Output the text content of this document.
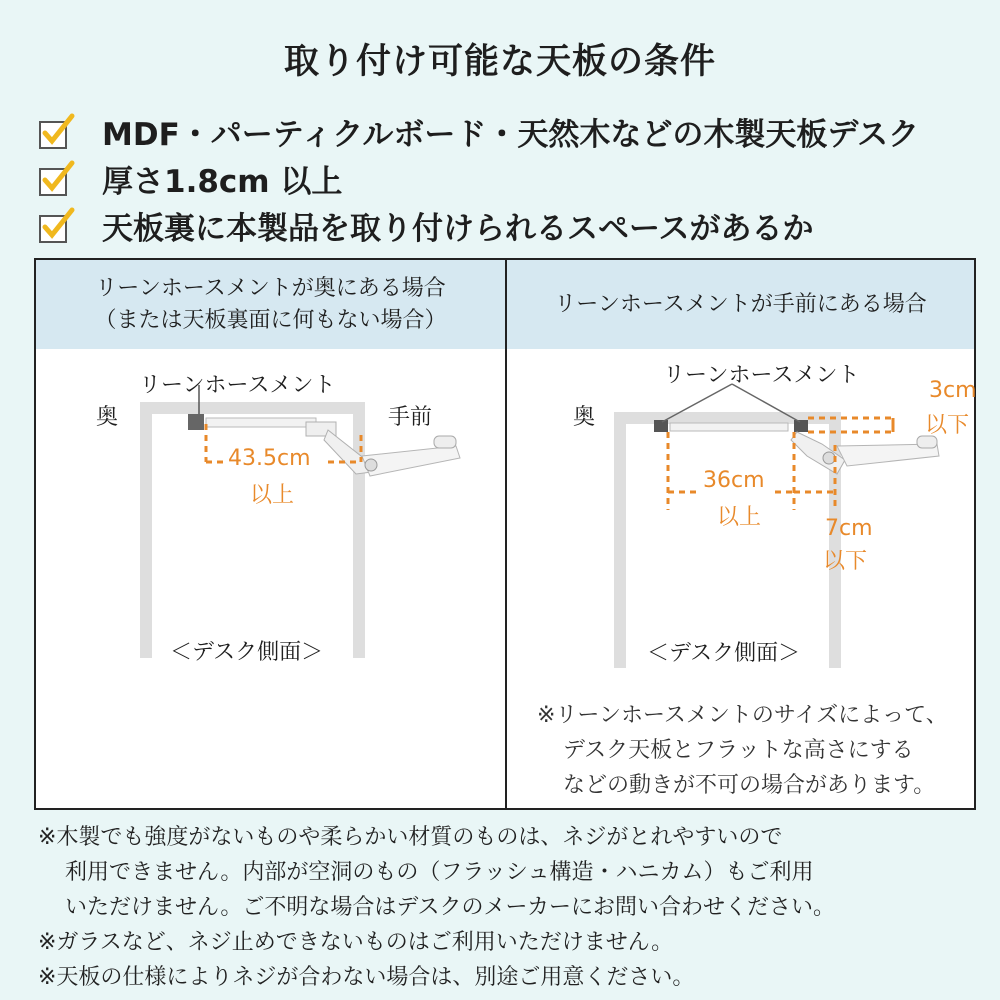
取り付け可能な天板の条件
MDF・パーティクルボード・天然木などの木製天板デスク
厚さ1.8cm 以上
天板裏に本製品を取り付けられるスペースがあるか
リーンホースメントが奥にある場合
（または天板裏面に何もない場合）
リーンホースメント
奥	手前
43.5cm
以上
＜デスク側面＞
リーンホースメントが手前にある場合
リーンホースメント
奥
3cm
以下
36cm
以上	7cm
以下
＜デスク側面＞
※リーンホースメントのサイズによって、
デスク天板とフラットな高さにする
などの動きが不可の場合があります。
※木製でも強度がないものや柔らかい材質のものは、ネジがとれやすいので
利用できません。内部が空洞のもの（フラッシュ構造・ハニカム）もご利用
いただけません。ご不明な場合はデスクのメーカーにお問い合わせください。
※ガラスなど、ネジ止めできないものはご利用いただけません。
※天板の仕様によりネジが合わない場合は、別途ご用意ください。
